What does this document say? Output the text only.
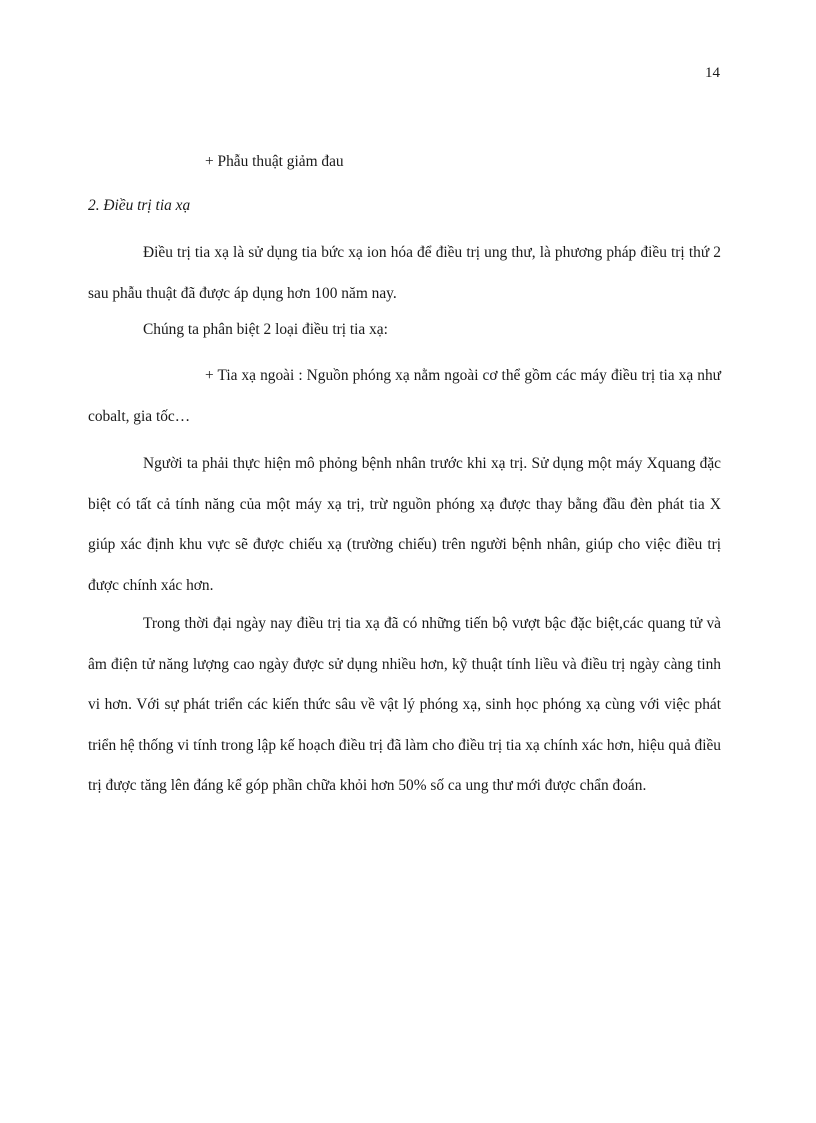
14
+ Phẫu thuật giảm đau
2. Điều trị tia xạ
Điều trị tia xạ là sử dụng tia bức xạ ion hóa để điều trị ung thư, là phương pháp điều trị thứ 2 sau phẫu thuật đã được áp dụng hơn 100 năm nay.
Chúng ta phân biệt 2 loại điều trị tia xạ:
+ Tia xạ ngoài : Nguồn phóng xạ nằm ngoài cơ thể gồm các máy điều trị tia xạ như cobalt, gia tốc…
Người ta phải thực hiện mô phỏng bệnh nhân trước khi xạ trị. Sử dụng một máy Xquang đặc biệt có tất cả tính năng của một máy xạ trị, trừ nguồn phóng xạ được thay bằng đầu đèn phát tia X giúp xác định khu vực sẽ được chiếu xạ (trường chiếu) trên người bệnh nhân, giúp cho việc điều trị được chính xác hơn.
Trong thời đại ngày nay điều trị tia xạ đã có những tiến bộ vượt bậc đặc biệt,các quang tử và âm điện tử năng lượng cao ngày được sử dụng nhiều hơn, kỹ thuật tính liều và điều trị ngày càng tinh vi hơn. Với sự phát triển các kiến thức sâu về vật lý phóng xạ, sinh học phóng xạ cùng với việc phát triển hệ thống vi tính trong lập kế hoạch điều trị đã làm cho điều trị tia xạ chính xác hơn, hiệu quả điều trị được tăng lên đáng kể góp phần chữa khỏi hơn 50% số ca ung thư mới được chẩn đoán.
